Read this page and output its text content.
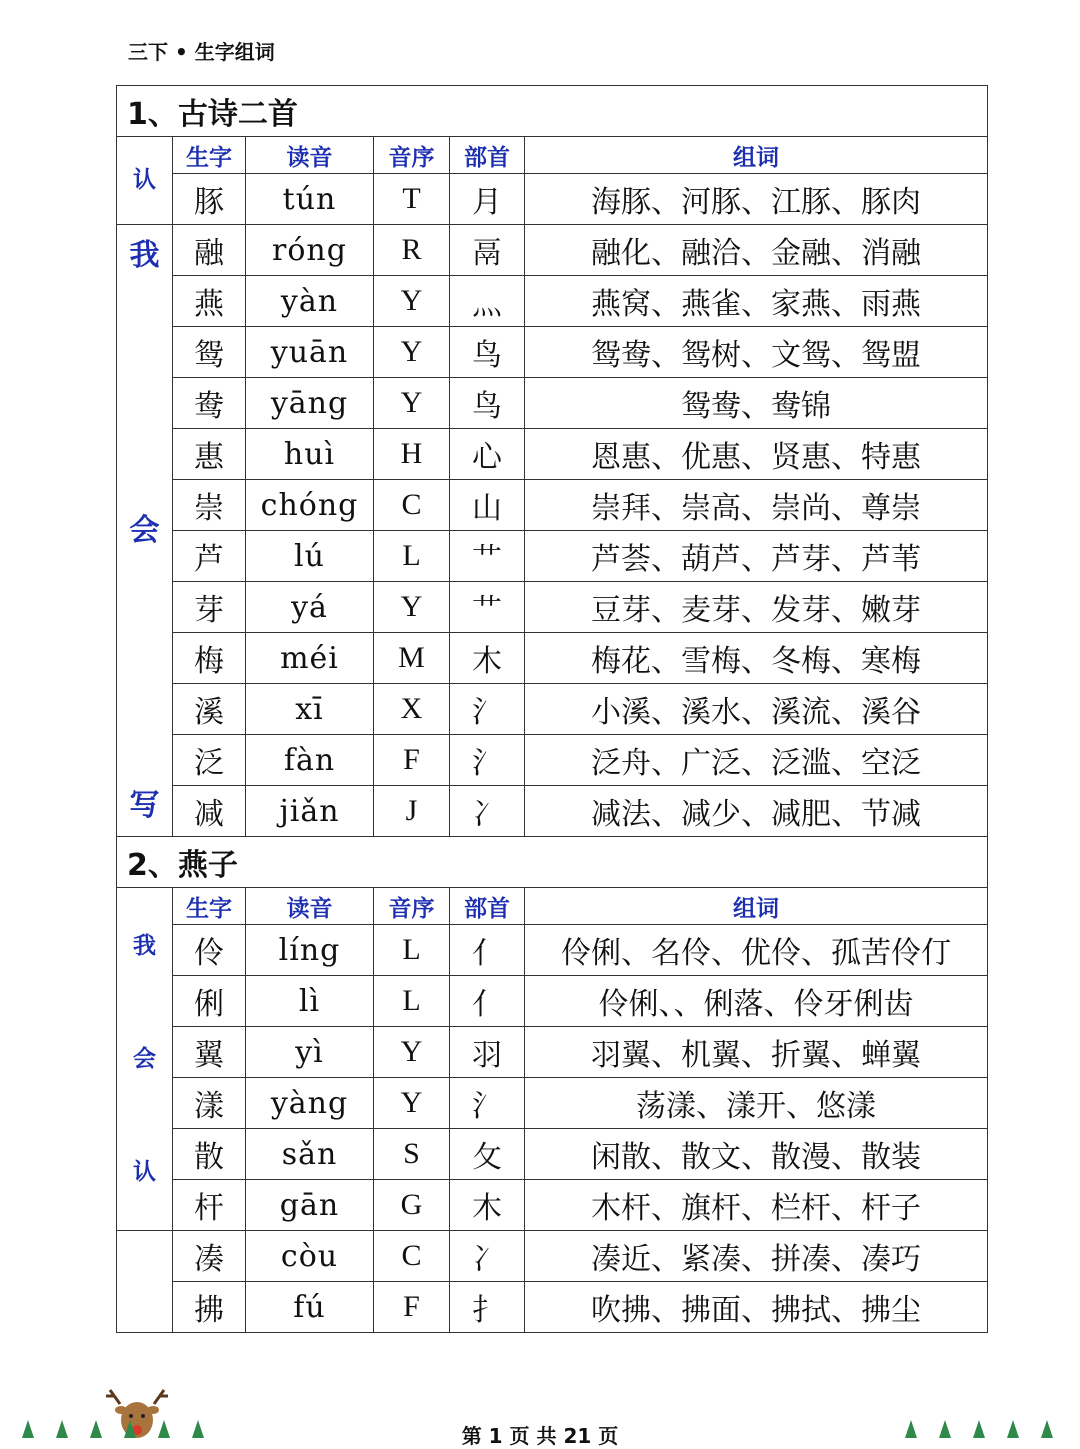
三下 • 生字组词
1、古诗二首					

认	生字	读音	音序	部首	组词
	豚	tún	T	月	海豚、河豚、江豚、豚肉

我
会
写	融	róng	R	鬲	融化、融洽、金融、消融
	燕	yàn	Y	灬	燕窝、燕雀、家燕、雨燕
	鸳	yuān	Y	鸟	鸳鸯、鸳树、文鸳、鸳盟
	鸯	yāng	Y	鸟	鸳鸯、鸯锦
	惠	huì	H	心	恩惠、优惠、贤惠、特惠
	崇	chóng	C	山	崇拜、崇高、崇尚、尊崇
	芦	lú	L	艹	芦荟、葫芦、芦芽、芦苇
	芽	yá	Y	艹	豆芽、麦芽、发芽、嫩芽
	梅	méi	M	木	梅花、雪梅、冬梅、寒梅
	溪	xī	X	氵	小溪、溪水、溪流、溪谷
	泛	fàn	F	氵	泛舟、广泛、泛滥、空泛
	减	jiǎn	J	冫	减法、减少、减肥、节减
2、燕子					

我
会
认	生字	读音	音序	部首	组词
	伶	líng	L	亻	伶俐、名伶、优伶、孤苦伶仃
	俐	lì	L	亻	伶俐、、俐落、伶牙俐齿
	翼	yì	Y	羽	羽翼、机翼、折翼、蝉翼
	漾	yàng	Y	氵	荡漾、漾开、悠漾
	散	sǎn	S	攵	闲散、散文、散漫、散装
	杆	gān	G	木	木杆、旗杆、栏杆、杆子
	凑	còu	C	冫	凑近、紧凑、拼凑、凑巧
	拂	fú	F	扌	吹拂、拂面、拂拭、拂尘
第 1 页 共 21 页
